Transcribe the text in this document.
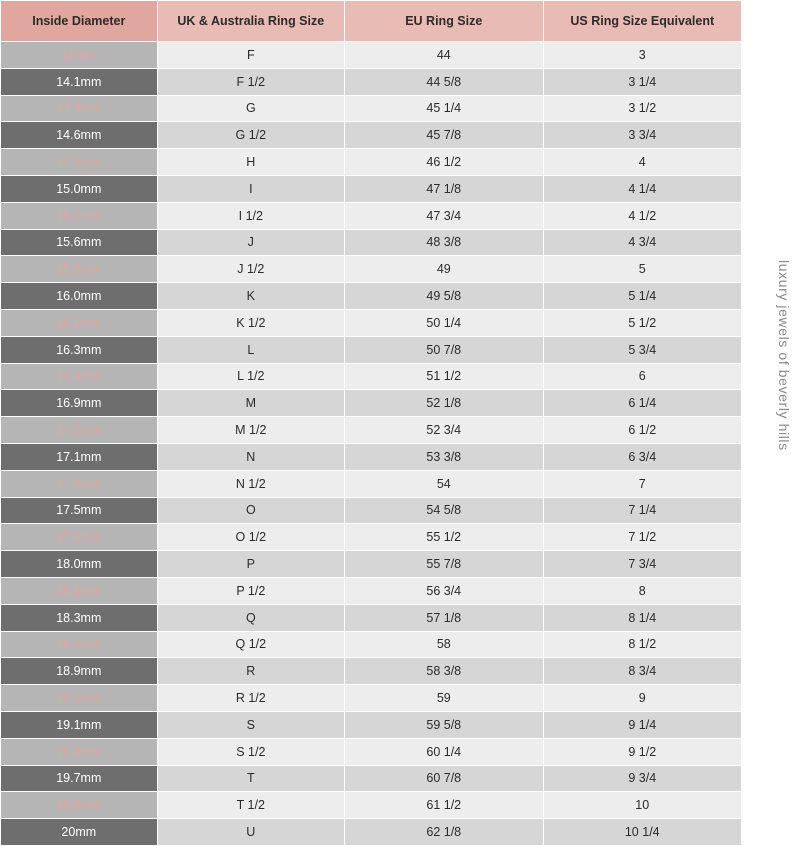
Inside Diameter	UK & Australia Ring Size	EU Ring Size	US Ring Size Equivalent
14mm	F	44	3
14.1mm	F 1/2	44 5/8	3 1/4
14.4mm	G	45 1/4	3 1/2
14.6mm	G 1/2	45 7/8	3 3/4
14.9mm	H	46 1/2	4
15.0mm	I	47 1/8	4 1/4
15.3mm	I 1/2	47 3/4	4 1/2
15.6mm	J	48 3/8	4 3/4
15.8mm	J 1/2	49	5
16.0mm	K	49 5/8	5 1/4
16.1mm	K 1/2	50 1/4	5 1/2
16.3mm	L	50 7/8	5 3/4
16.4mm	L 1/2	51 1/2	6
16.9mm	M	52 1/8	6 1/4
17.0mm	M 1/2	52 3/4	6 1/2
17.1mm	N	53 3/8	6 3/4
17.2mm	N 1/2	54	7
17.5mm	O	54 5/8	7 1/4
17.9mm	O 1/2	55 1/2	7 1/2
18.0mm	P	55 7/8	7 3/4
18.1mm	P 1/2	56 3/4	8
18.3mm	Q	57 1/8	8 1/4
18.6mm	Q 1/2	58	8 1/2
18.9mm	R	58 3/8	8 3/4
19.0mm	R 1/2	59	9
19.1mm	S	59 5/8	9 1/4
19.4mm	S 1/2	60 1/4	9 1/2
19.7mm	T	60 7/8	9 3/4
19.9mm	T 1/2	61 1/2	10
20mm	U	62 1/8	10 1/4
luxury jewels of beverly hills
